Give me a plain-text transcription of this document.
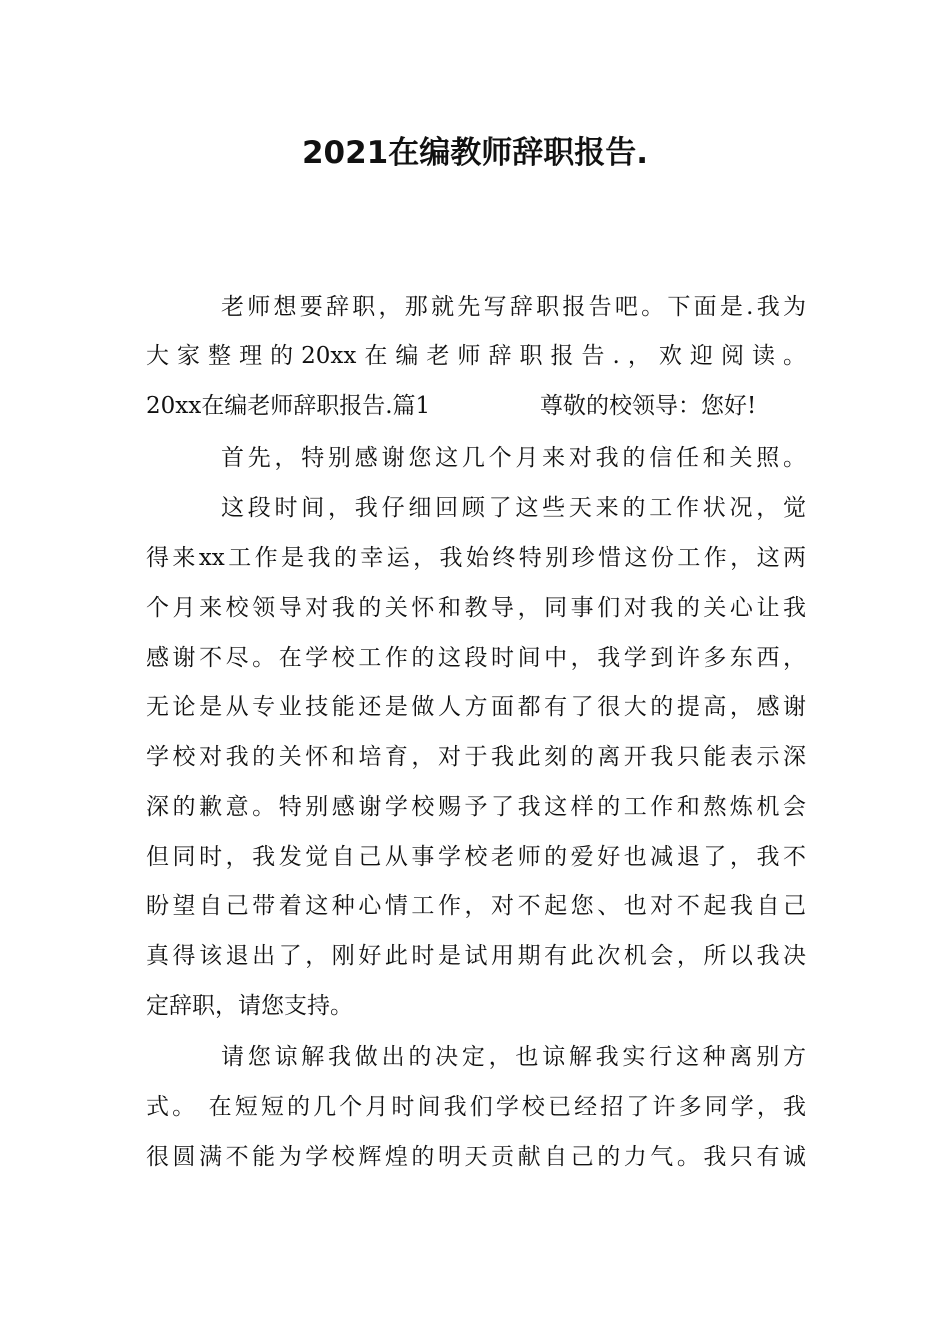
2021在编教师辞职报告.
老师想要辞职，那就先写辞职报告吧。下面是.我为
大家整理的20xx在编老师辞职报告.，欢迎阅读。
20xx在编老师辞职报告.篇1	尊敬的校领导：您好!
首先，特别感谢您这几个月来对我的信任和关照。
这段时间，我仔细回顾了这些天来的工作状况，觉
得来xx工作是我的幸运，我始终特别珍惜这份工作，这两
个月来校领导对我的关怀和教导，同事们对我的关心让我
感谢不尽。在学校工作的这段时间中，我学到许多东西，
无论是从专业技能还是做人方面都有了很大的提高，感谢
学校对我的关怀和培育，对于我此刻的离开我只能表示深
深的歉意。特别感谢学校赐予了我这样的工作和熬炼机会
但同时，我发觉自己从事学校老师的爱好也减退了，我不
盼望自己带着这种心情工作，对不起您、也对不起我自己
真得该退出了，刚好此时是试用期有此次机会，所以我决
定辞职，请您支持。
请您谅解我做出的决定，也谅解我实行这种离别方
式。 在短短的几个月时间我们学校已经招了许多同学，我
很圆满不能为学校辉煌的明天贡献自己的力气。我只有诚
